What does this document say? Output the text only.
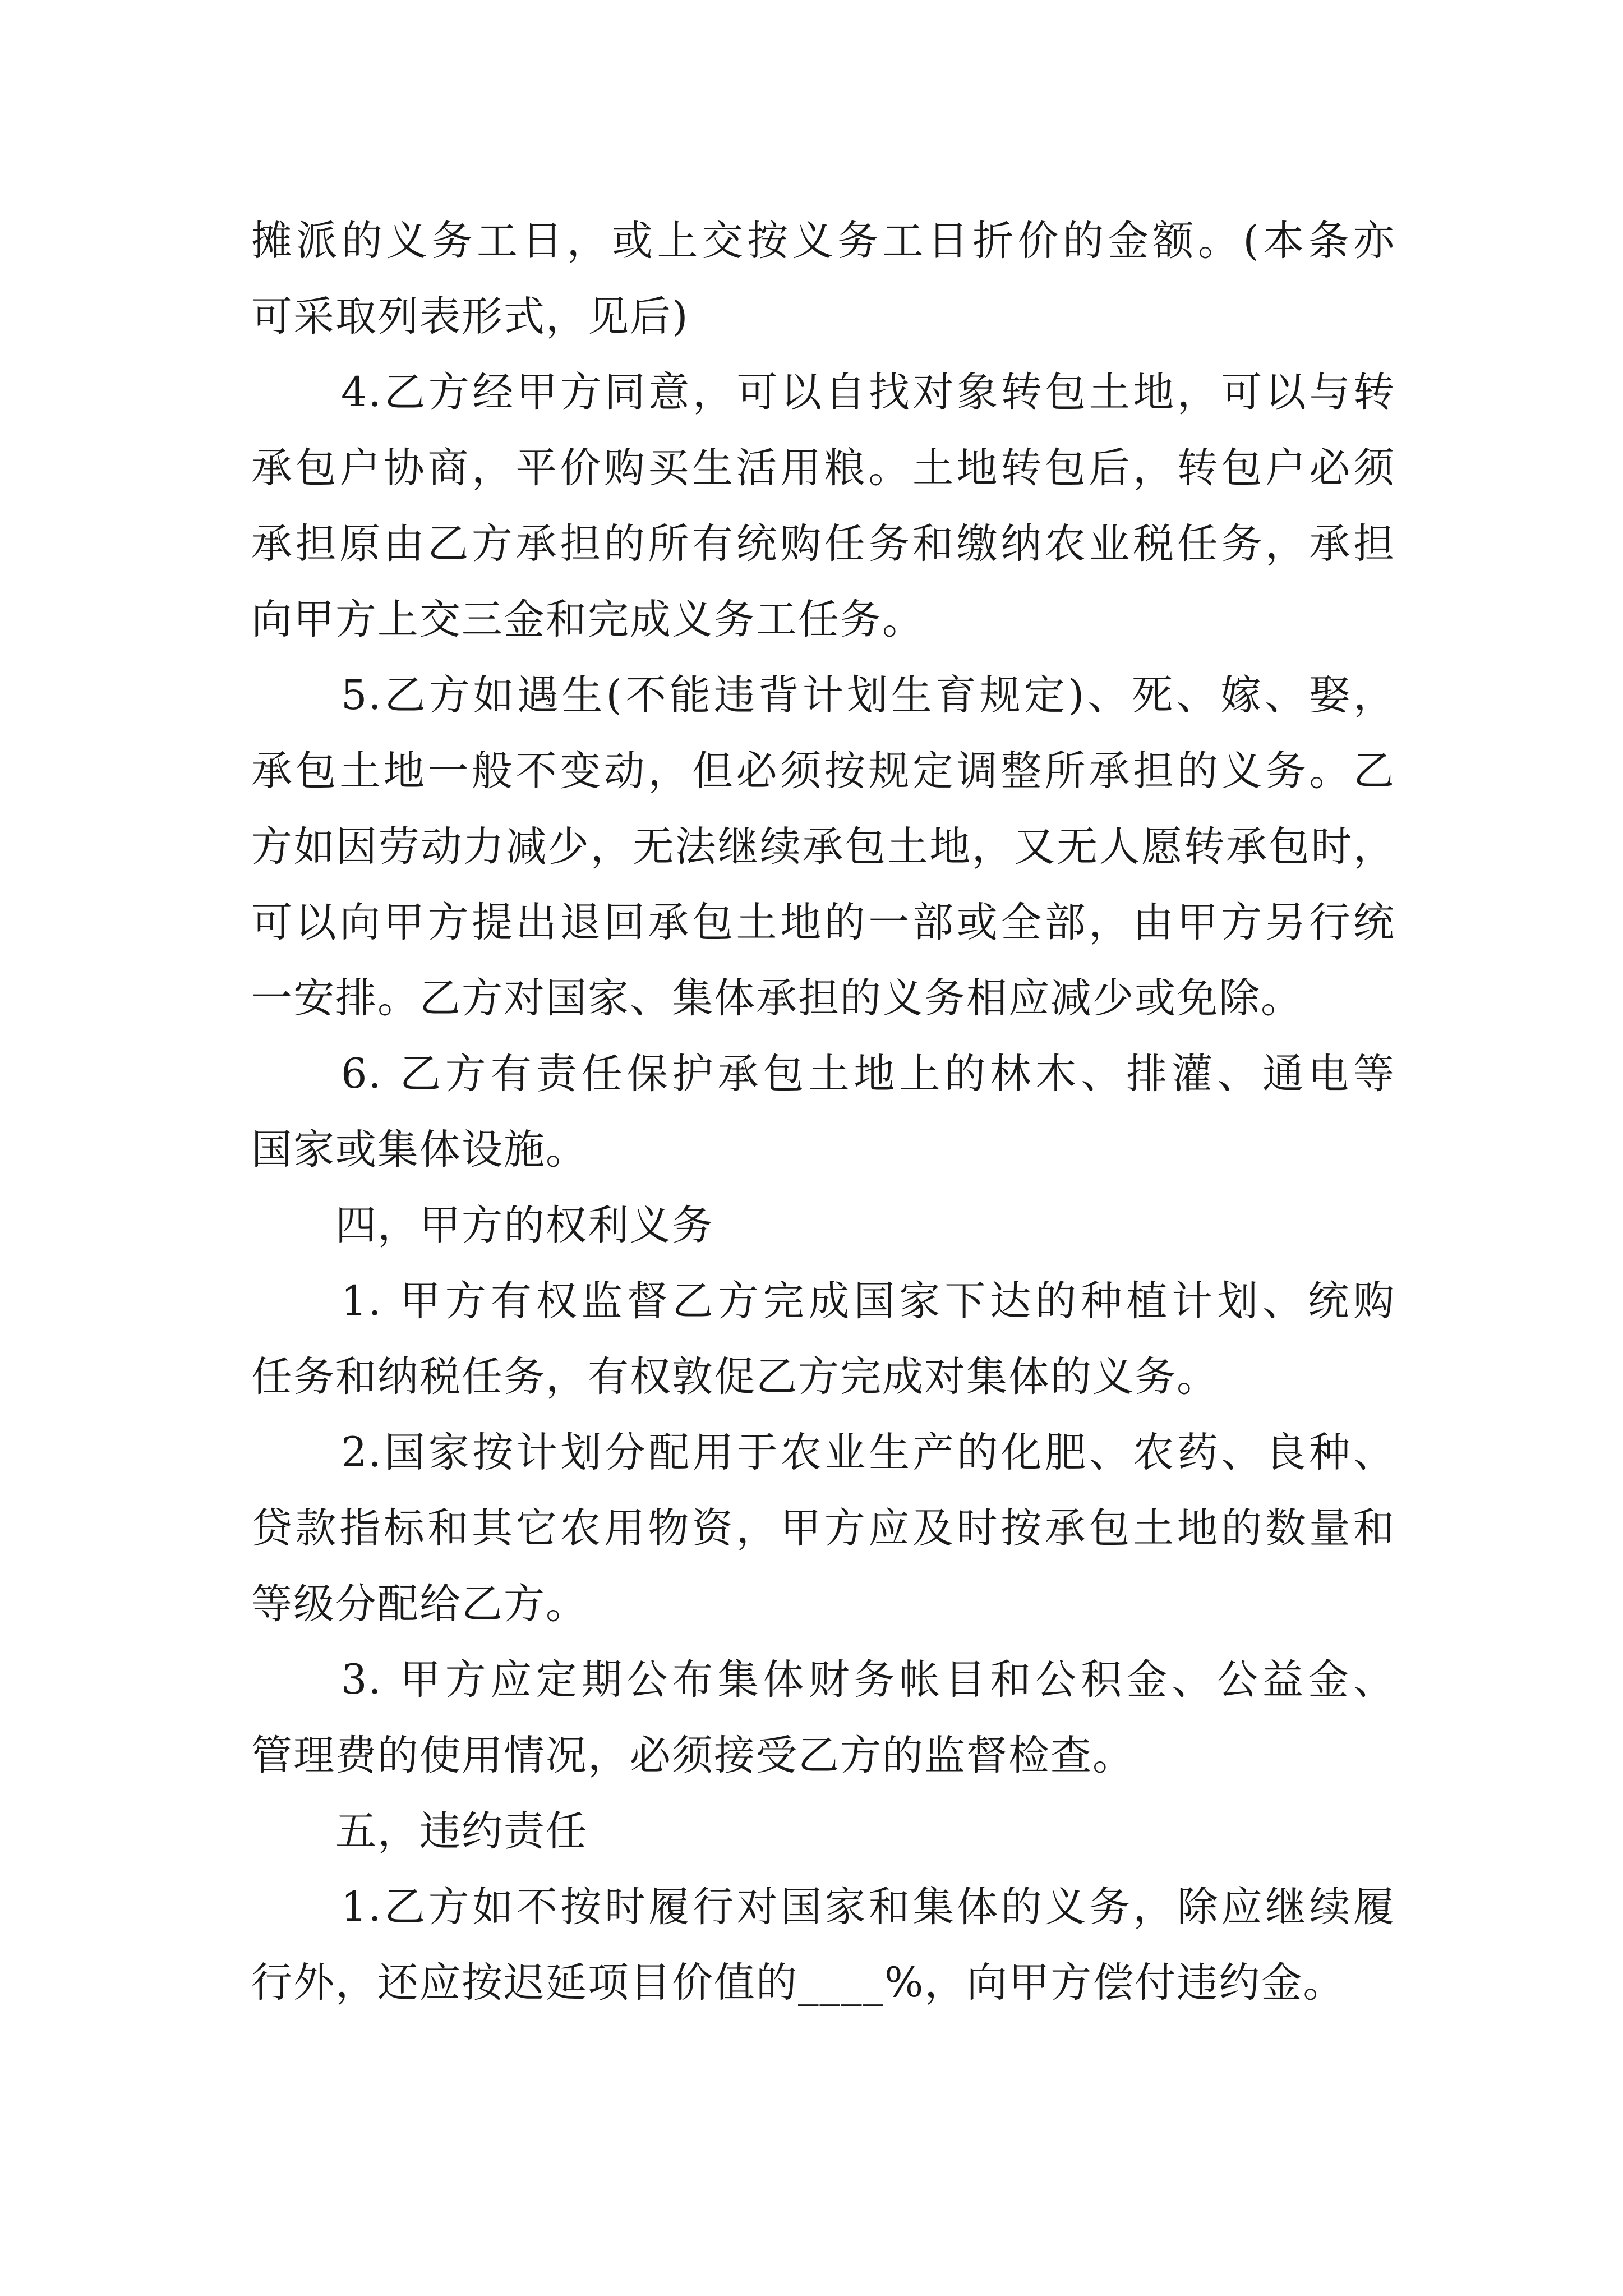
摊派的义务工日，或上交按义务工日折价的金额。(本条亦
可采取列表形式，见后)
4.乙方经甲方同意，可以自找对象转包土地，可以与转
承包户协商，平价购买生活用粮。土地转包后，转包户必须
承担原由乙方承担的所有统购任务和缴纳农业税任务，承担
向甲方上交三金和完成义务工任务。
5.乙方如遇生(不能违背计划生育规定)、死、嫁、娶，
承包土地一般不变动，但必须按规定调整所承担的义务。乙
方如因劳动力减少，无法继续承包土地，又无人愿转承包时，
可以向甲方提出退回承包土地的一部或全部，由甲方另行统
一安排。乙方对国家、集体承担的义务相应减少或免除。
6. 乙方有责任保护承包土地上的林木、排灌、通电等
国家或集体设施。
四，甲方的权利义务
1. 甲方有权监督乙方完成国家下达的种植计划、统购
任务和纳税任务，有权敦促乙方完成对集体的义务。
2.国家按计划分配用于农业生产的化肥、农药、良种、
贷款指标和其它农用物资，甲方应及时按承包土地的数量和
等级分配给乙方。
3. 甲方应定期公布集体财务帐目和公积金、公益金、
管理费的使用情况，必须接受乙方的监督检查。
五，违约责任
1.乙方如不按时履行对国家和集体的义务，除应继续履
行外，还应按迟延项目价值的____%，向甲方偿付违约金。
